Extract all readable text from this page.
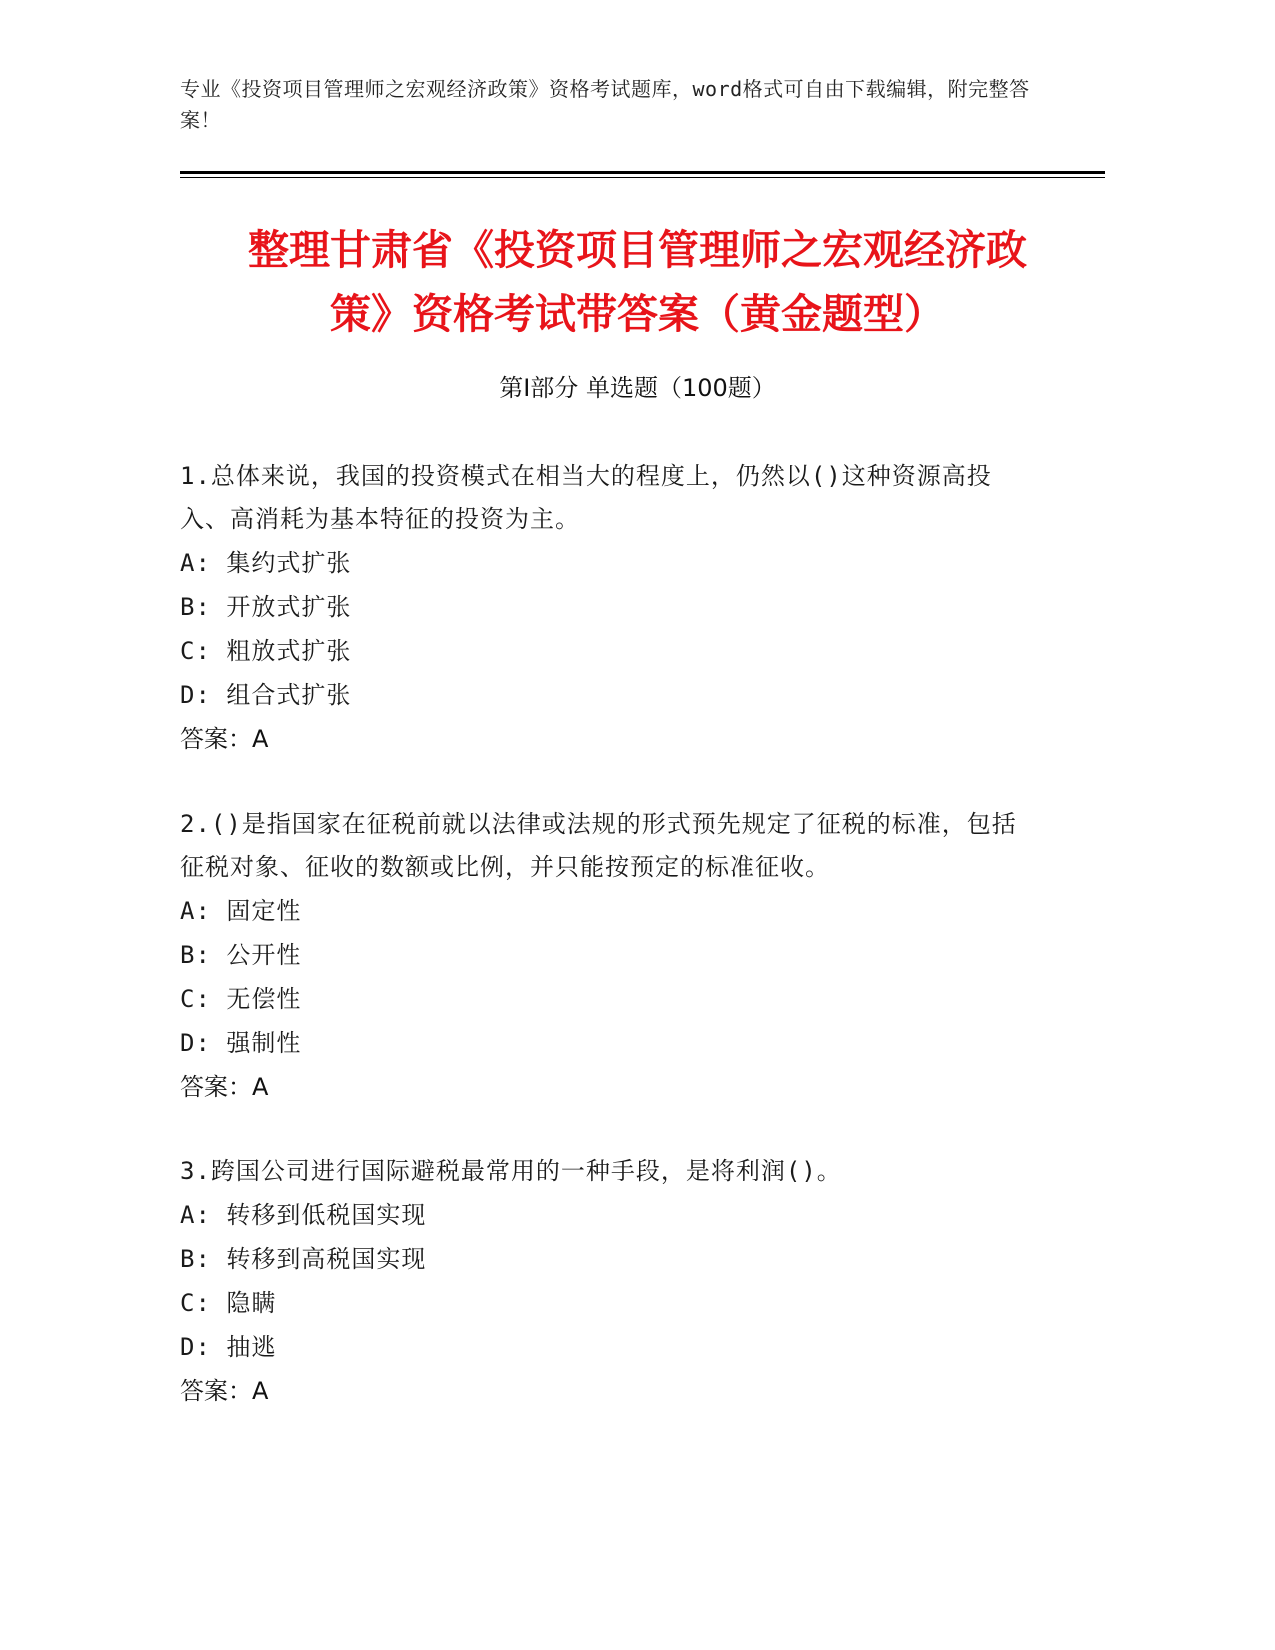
专业《投资项目管理师之宏观经济政策》资格考试题库，word格式可自由下载编辑，附完整答案！
整理甘肃省《投资项目管理师之宏观经济政
策》资格考试带答案（黄金题型）
第I部分 单选题（100题）
1.总体来说，我国的投资模式在相当大的程度上，仍然以()这种资源高投入、高消耗为基本特征的投资为主。
A: 集约式扩张
B: 开放式扩张
C: 粗放式扩张
D: 组合式扩张
答案：A
2.()是指国家在征税前就以法律或法规的形式预先规定了征税的标准，包括征税对象、征收的数额或比例，并只能按预定的标准征收。
A: 固定性
B: 公开性
C: 无偿性
D: 强制性
答案：A
3.跨国公司进行国际避税最常用的一种手段，是将利润()。
A: 转移到低税国实现
B: 转移到高税国实现
C: 隐瞒
D: 抽逃
答案：A
